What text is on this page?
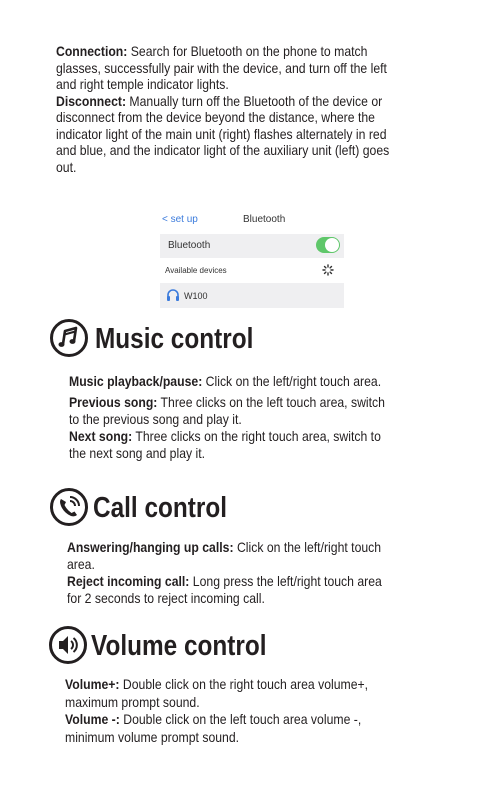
Connection: Search for Bluetooth on the phone to match
glasses, successfully pair with the device, and turn off the left
and right temple indicator lights.
Disconnect: Manually turn off the Bluetooth of the device or
disconnect from the device beyond the distance, where the
indicator light of the main unit (right) flashes alternately in red
and blue, and the indicator light of the auxiliary unit (left) goes
out.
< set up	Bluetooth
Bluetooth
Available devices
W100
Music control
Music playback/pause: Click on the left/right touch area.
Previous song: Three clicks on the left touch area, switch
to the previous song and play it.
Next song: Three clicks on the right touch area, switch to
the next song and play it.
Call control
Answering/hanging up calls: Click on the left/right touch
area.
Reject incoming call: Long press the left/right touch area
for 2 seconds to reject incoming call.
Volume control
Volume+: Double click on the right touch area volume+,
maximum prompt sound.
Volume -: Double click on the left touch area volume -,
minimum volume prompt sound.
